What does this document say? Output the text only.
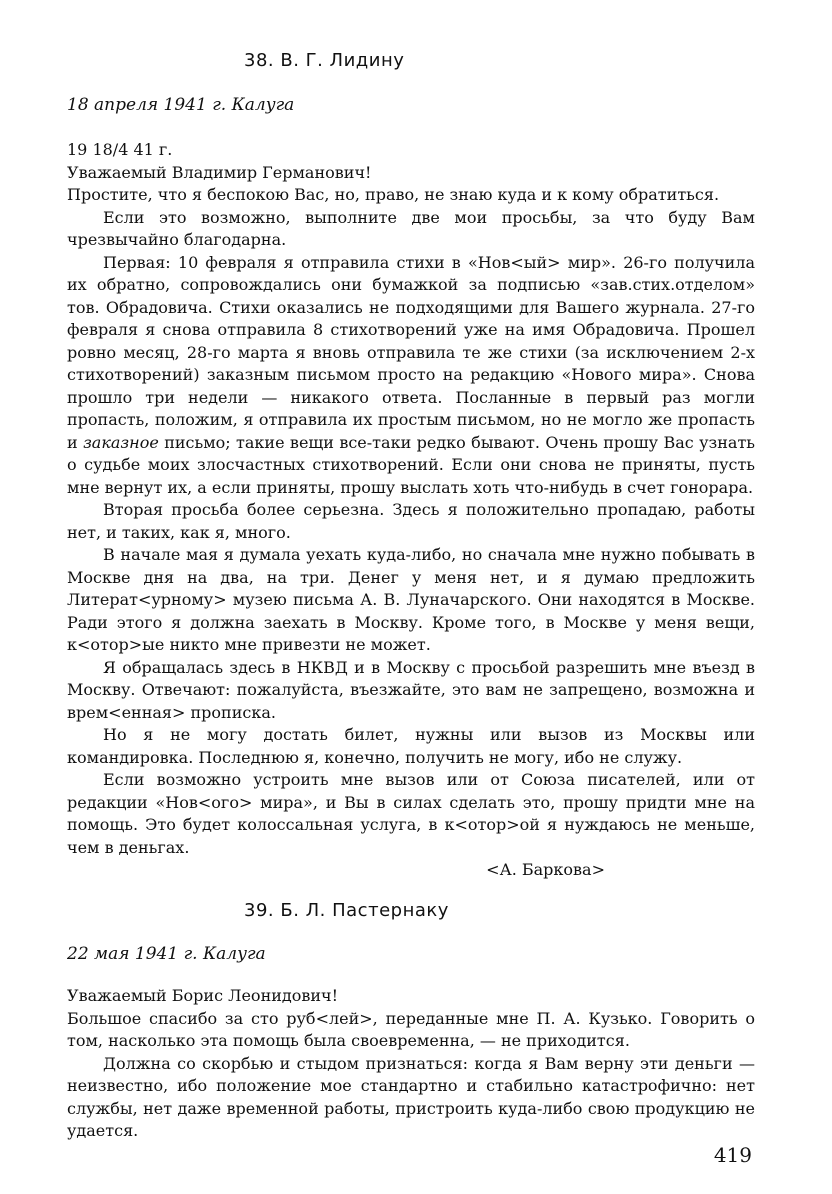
38. В. Г. Лидину
18 апреля 1941 г. Калуга

19 18/4 41 г.

Уважаемый Владимир Германович!

Простите, что я беспокою Вас, но, право, не знаю куда и к кому обратиться.

Если это возможно, выполните две мои просьбы, за что буду Вам чрезвычайно благодарна.

Первая: 10 февраля я отправила стихи в «Нов<ый> мир». 26-го получила их обратно, сопровождались они бумажкой за подписью «зав.стих.отделом» тов. Обрадовича. Стихи оказались не подходящими для Вашего журнала. 27-го февраля я снова отправила 8 стихотворений уже на имя Обрадовича. Прошел ровно месяц, 28-го марта я вновь отправила те же стихи (за исключением 2-х стихотворений) заказным письмом просто на редакцию «Нового мира». Снова прошло три недели — никакого ответа. Посланные в первый раз могли пропасть, положим, я отправила их простым письмом, но не могло же пропасть и заказное письмо; такие вещи все-таки редко бывают. Очень прошу Вас узнать о судьбе моих злосчастных стихотворений. Если они снова не приняты, пусть мне вернут их, а если приняты, прошу выслать хоть что-нибудь в счет гонорара.

Вторая просьба более серьезна. Здесь я положительно пропадаю, работы нет, и таких, как я, много.

В начале мая я думала уехать куда-либо, но сначала мне нужно побывать в Москве дня на два, на три. Денег у меня нет, и я думаю предложить Литерат<урному> музею письма А. В. Луначарского. Они находятся в Москве. Ради этого я должна заехать в Москву. Кроме того, в Москве у меня вещи, к<отор>ые никто мне привезти не может.

Я обращалась здесь в НКВД и в Москву с просьбой разрешить мне въезд в Москву. Отвечают: пожалуйста, въезжайте, это вам не запрещено, возможна и врем<енная> прописка.

Но я не могу достать билет, нужны или вызов из Москвы или командировка. Последнюю я, конечно, получить не могу, ибо не служу.

Если возможно устроить мне вызов или от Союза писателей, или от редакции «Нов<ого> мира», и Вы в силах сделать это, прошу придти мне на помощь. Это будет колоссальная услуга, в к<отор>ой я нуждаюсь не меньше, чем в деньгах.

<А. Баркова>

39. Б. Л. Пастернаку
22 мая 1941 г. Калуга

Уважаемый Борис Леонидович!

Большое спасибо за сто руб<лей>, переданные мне П. А. Кузько. Говорить о том, насколько эта помощь была своевременна, — не приходится.

Должна со скорбью и стыдом признаться: когда я Вам верну эти деньги — неизвестно, ибо положение мое стандартно и стабильно катастрофично: нет службы, нет даже временной работы, пристроить куда-либо свою продукцию не удается.

419
